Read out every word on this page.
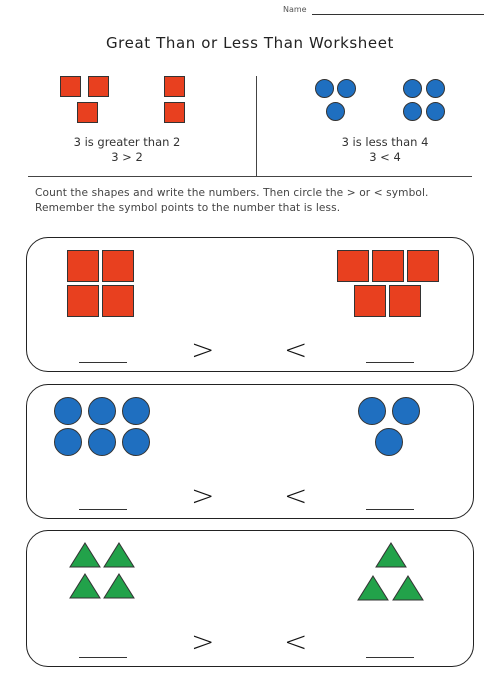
Name
Great Than or Less Than Worksheet
3 is greater than 2
3 > 2
3 is less than 4
3 < 4
Count the shapes and write the numbers. Then circle the > or < symbol. Remember the symbol points to the number that is less.
> <
> <
> <
